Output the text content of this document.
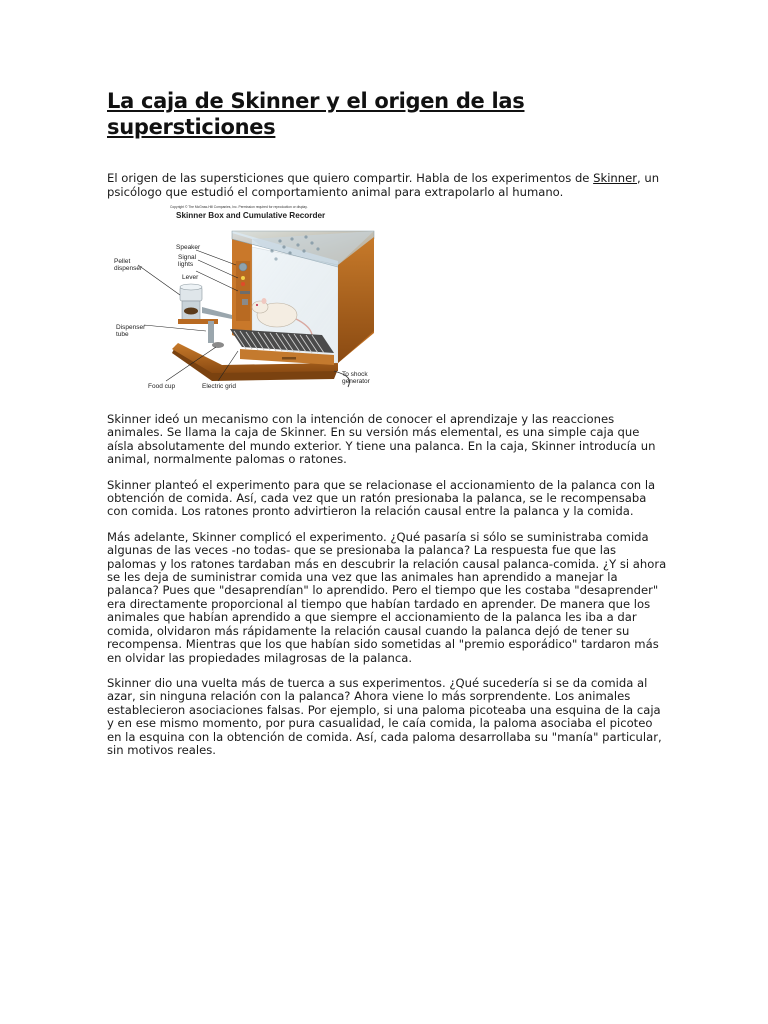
La caja de Skinner y el origen de las supersticiones
El origen de las supersticiones que quiero compartir. Habla de los experimentos de Skinner, un psicólogo que estudió el comportamiento animal para extrapolarlo al humano.
Copyright © The McGraw-Hill Companies, Inc. Permission required for reproduction or display.
Skinner Box and Cumulative Recorder
Speaker
Signal lights
Lever
Pellet dispenser
Dispenser tube
Food cup	Electric grid
To shock generator

Skinner ideó un mecanismo con la intención de conocer el aprendizaje y las reacciones animales. Se llama la caja de Skinner. En su versión más elemental, es una simple caja que aísla absolutamente del mundo exterior. Y tiene una palanca. En la caja, Skinner introducía un animal, normalmente palomas o ratones.

Skinner planteó el experimento para que se relacionase el accionamiento de la palanca con la obtención de comida. Así, cada vez que un ratón presionaba la palanca, se le recompensaba con comida. Los ratones pronto advirtieron la relación causal entre la palanca y la comida.

Más adelante, Skinner complicó el experimento. ¿Qué pasaría si sólo se suministraba comida algunas de las veces -no todas- que se presionaba la palanca? La respuesta fue que las palomas y los ratones tardaban más en descubrir la relación causal palanca-comida. ¿Y si ahora se les deja de suministrar comida una vez que las animales han aprendido a manejar la palanca? Pues que "desaprendían" lo aprendido. Pero el tiempo que les costaba "desaprender" era directamente proporcional al tiempo que habían tardado en aprender. De manera que los animales que habían aprendido a que siempre el accionamiento de la palanca les iba a dar comida, olvidaron más rápidamente la relación causal cuando la palanca dejó de tener su recompensa. Mientras que los que habían sido sometidas al "premio esporádico" tardaron más en olvidar las propiedades milagrosas de la palanca.

Skinner dio una vuelta más de tuerca a sus experimentos. ¿Qué sucedería si se da comida al azar, sin ninguna relación con la palanca? Ahora viene lo más sorprendente. Los animales establecieron asociaciones falsas. Por ejemplo, si una paloma picoteaba una esquina de la caja y en ese mismo momento, por pura casualidad, le caía comida, la paloma asociaba el picoteo en la esquina con la obtención de comida. Así, cada paloma desarrollaba su "manía" particular, sin motivos reales.
